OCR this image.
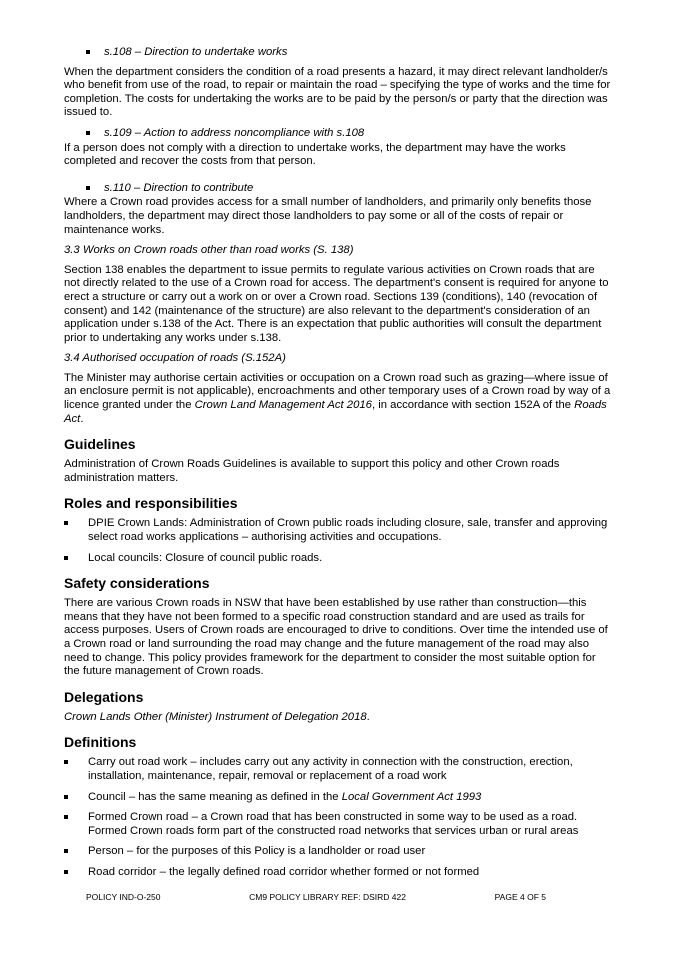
s.108 – Direction to undertake works

When the department considers the condition of a road presents a hazard, it may direct relevant landholder/s who benefit from use of the road, to repair or maintain the road – specifying the type of works and the time for completion. The costs for undertaking the works are to be paid by the person/s or party that the direction was issued to.

s.109 – Action to address noncompliance with s.108

If a person does not comply with a direction to undertake works, the department may have the works completed and recover the costs from that person.

s.110 – Direction to contribute

Where a Crown road provides access for a small number of landholders, and primarily only benefits those landholders, the department may direct those landholders to pay some or all of the costs of repair or maintenance works.

3.3 Works on Crown roads other than road works (S. 138)

Section 138 enables the department to issue permits to regulate various activities on Crown roads that are not directly related to the use of a Crown road for access. The department's consent is required for anyone to erect a structure or carry out a work on or over a Crown road. Sections 139 (conditions), 140 (revocation of consent) and 142 (maintenance of the structure) are also relevant to the department's consideration of an application under s.138 of the Act. There is an expectation that public authorities will consult the department prior to undertaking any works under s.138.

3.4 Authorised occupation of roads (S.152A)

The Minister may authorise certain activities or occupation on a Crown road such as grazing—where issue of an enclosure permit is not applicable), encroachments and other temporary uses of a Crown road by way of a licence granted under the Crown Land Management Act 2016, in accordance with section 152A of the Roads Act.

Guidelines

Administration of Crown Roads Guidelines is available to support this policy and other Crown roads administration matters.

Roles and responsibilities
DPIE Crown Lands: Administration of Crown public roads including closure, sale, transfer and approving select road works applications – authorising activities and occupations.
Local councils: Closure of council public roads.
Safety considerations

There are various Crown roads in NSW that have been established by use rather than construction—this means that they have not been formed to a specific road construction standard and are used as trails for access purposes. Users of Crown roads are encouraged to drive to conditions. Over time the intended use of a Crown road or land surrounding the road may change and the future management of the road may also need to change. This policy provides framework for the department to consider the most suitable option for the future management of Crown roads.

Delegations

Crown Lands Other (Minister) Instrument of Delegation 2018.

Definitions
Carry out road work – includes carry out any activity in connection with the construction, erection, installation, maintenance, repair, removal or replacement of a road work
Council – has the same meaning as defined in the Local Government Act 1993
Formed Crown road – a Crown road that has been constructed in some way to be used as a road. Formed Crown roads form part of the constructed road networks that services urban or rural areas
Person – for the purposes of this Policy is a landholder or road user
Road corridor – the legally defined road corridor whether formed or not formed
POLICY IND-O-250	CM9 POLICY LIBRARY REF: DSIRD 422	PAGE 4 OF 5
